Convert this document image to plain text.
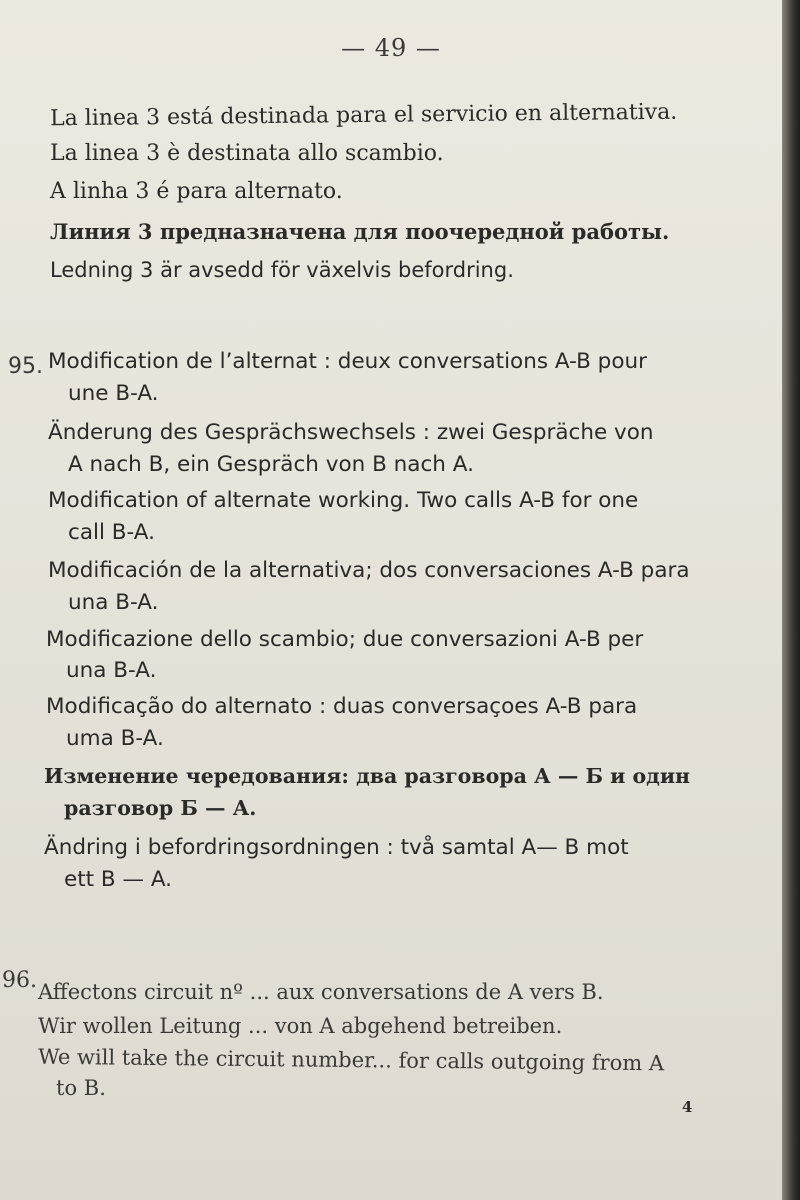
— 49 —
La linea 3 está destinada para el servicio en alternativa.
La linea 3 è destinata allo scambio.
A linha 3 é para alternato.
Линия 3 предназначена для поочередной работы.
Ledning 3 är avsedd för växelvis befordring.
95. Modification de l’alternat : deux conversations A-B pour
une B-A.
Änderung des Gesprächswechsels : zwei Gespräche von
A nach B, ein Gespräch von B nach A.
Modification of alternate working. Two calls A-B for one
call B-A.
Modificación de la alternativa; dos conversaciones A-B para
una B-A.
Modificazione dello scambio; due conversazioni A-B per
una B-A.
Modificação do alternato : duas conversaçoes A-B para
uma B-A.
Изменение чередования: два разговора А — Б и один
разговор Б — А.
Ändring i befordringsordningen : två samtal A— B mot
ett B — A.
96. Affectons circuit nº ... aux conversations de A vers B.
Wir wollen Leitung ... von A abgehend betreiben.
We will take the circuit number... for calls outgoing from A
to B.
4
